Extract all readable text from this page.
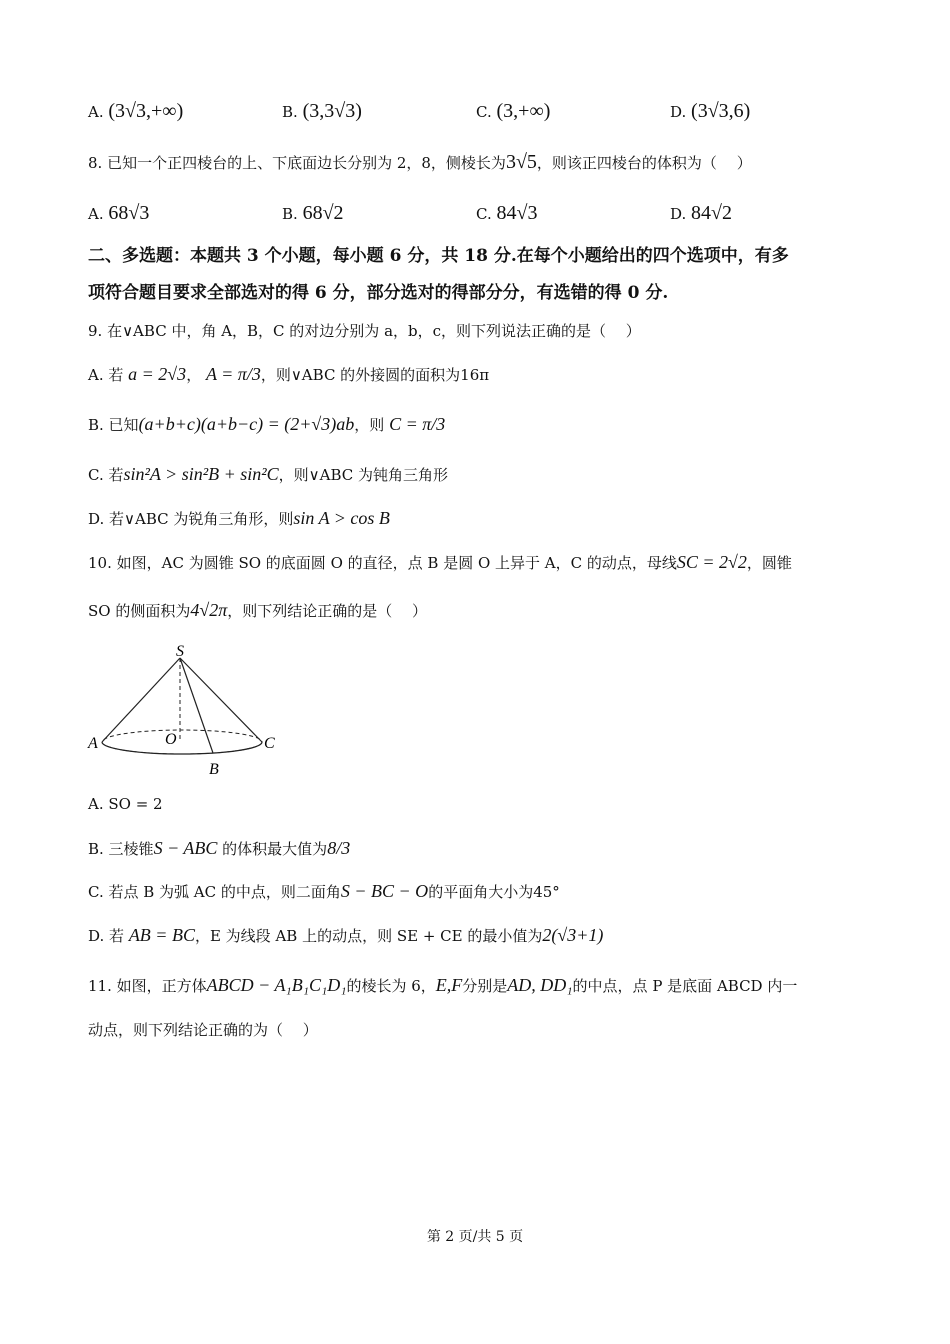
A. (3√3,+∞)	B. (3,3√3)	C. (3,+∞)	D. (3√3,6)
8. 已知一个正四棱台的上、下底面边长分别为 2，8，侧棱长为3√5，则该正四棱台的体积为（　 ）
A. 68√3	B. 68√2	C. 84√3	D. 84√2
二、多选题：本题共 3 个小题，每小题 6 分，共 18 分.在每个小题给出的四个选项中，有多
项符合题目要求全部选对的得 6 分，部分选对的得部分分，有选错的得 0 分.
9. 在∨ABC 中，角 A，B，C 的对边分别为 a，b，c，则下列说法正确的是（　 ）
A. 若 a = 2√3， A = π/3，则∨ABC 的外接圆的面积为16π
B. 已知(a+b+c)(a+b−c) = (2+√3)ab，则 C = π/3
C. 若sin²A > sin²B + sin²C，则∨ABC 为钝角三角形
D. 若∨ABC 为锐角三角形，则sin A > cos B
10. 如图，AC 为圆锥 SO 的底面圆 O 的直径，点 B 是圆 O 上异于 A，C 的动点，母线SC = 2√2，圆锥
SO 的侧面积为4√2π，则下列结论正确的是（　 ）
S
A	O
B
C
A. SO = 2
B. 三棱锥S − ABC 的体积最大值为8/3
C. 若点 B 为弧 AC 的中点，则二面角S − BC − O的平面角大小为45°
D. 若 AB = BC，E 为线段 AB 上的动点，则 SE + CE 的最小值为2(√3+1)
11. 如图，正方体ABCD − A₁B₁C₁D₁的棱长为 6，E,F分别是AD, DD₁的中点，点 P 是底面 ABCD 内一
动点，则下列结论正确的为（　 ）
第 2 页/共 5 页
